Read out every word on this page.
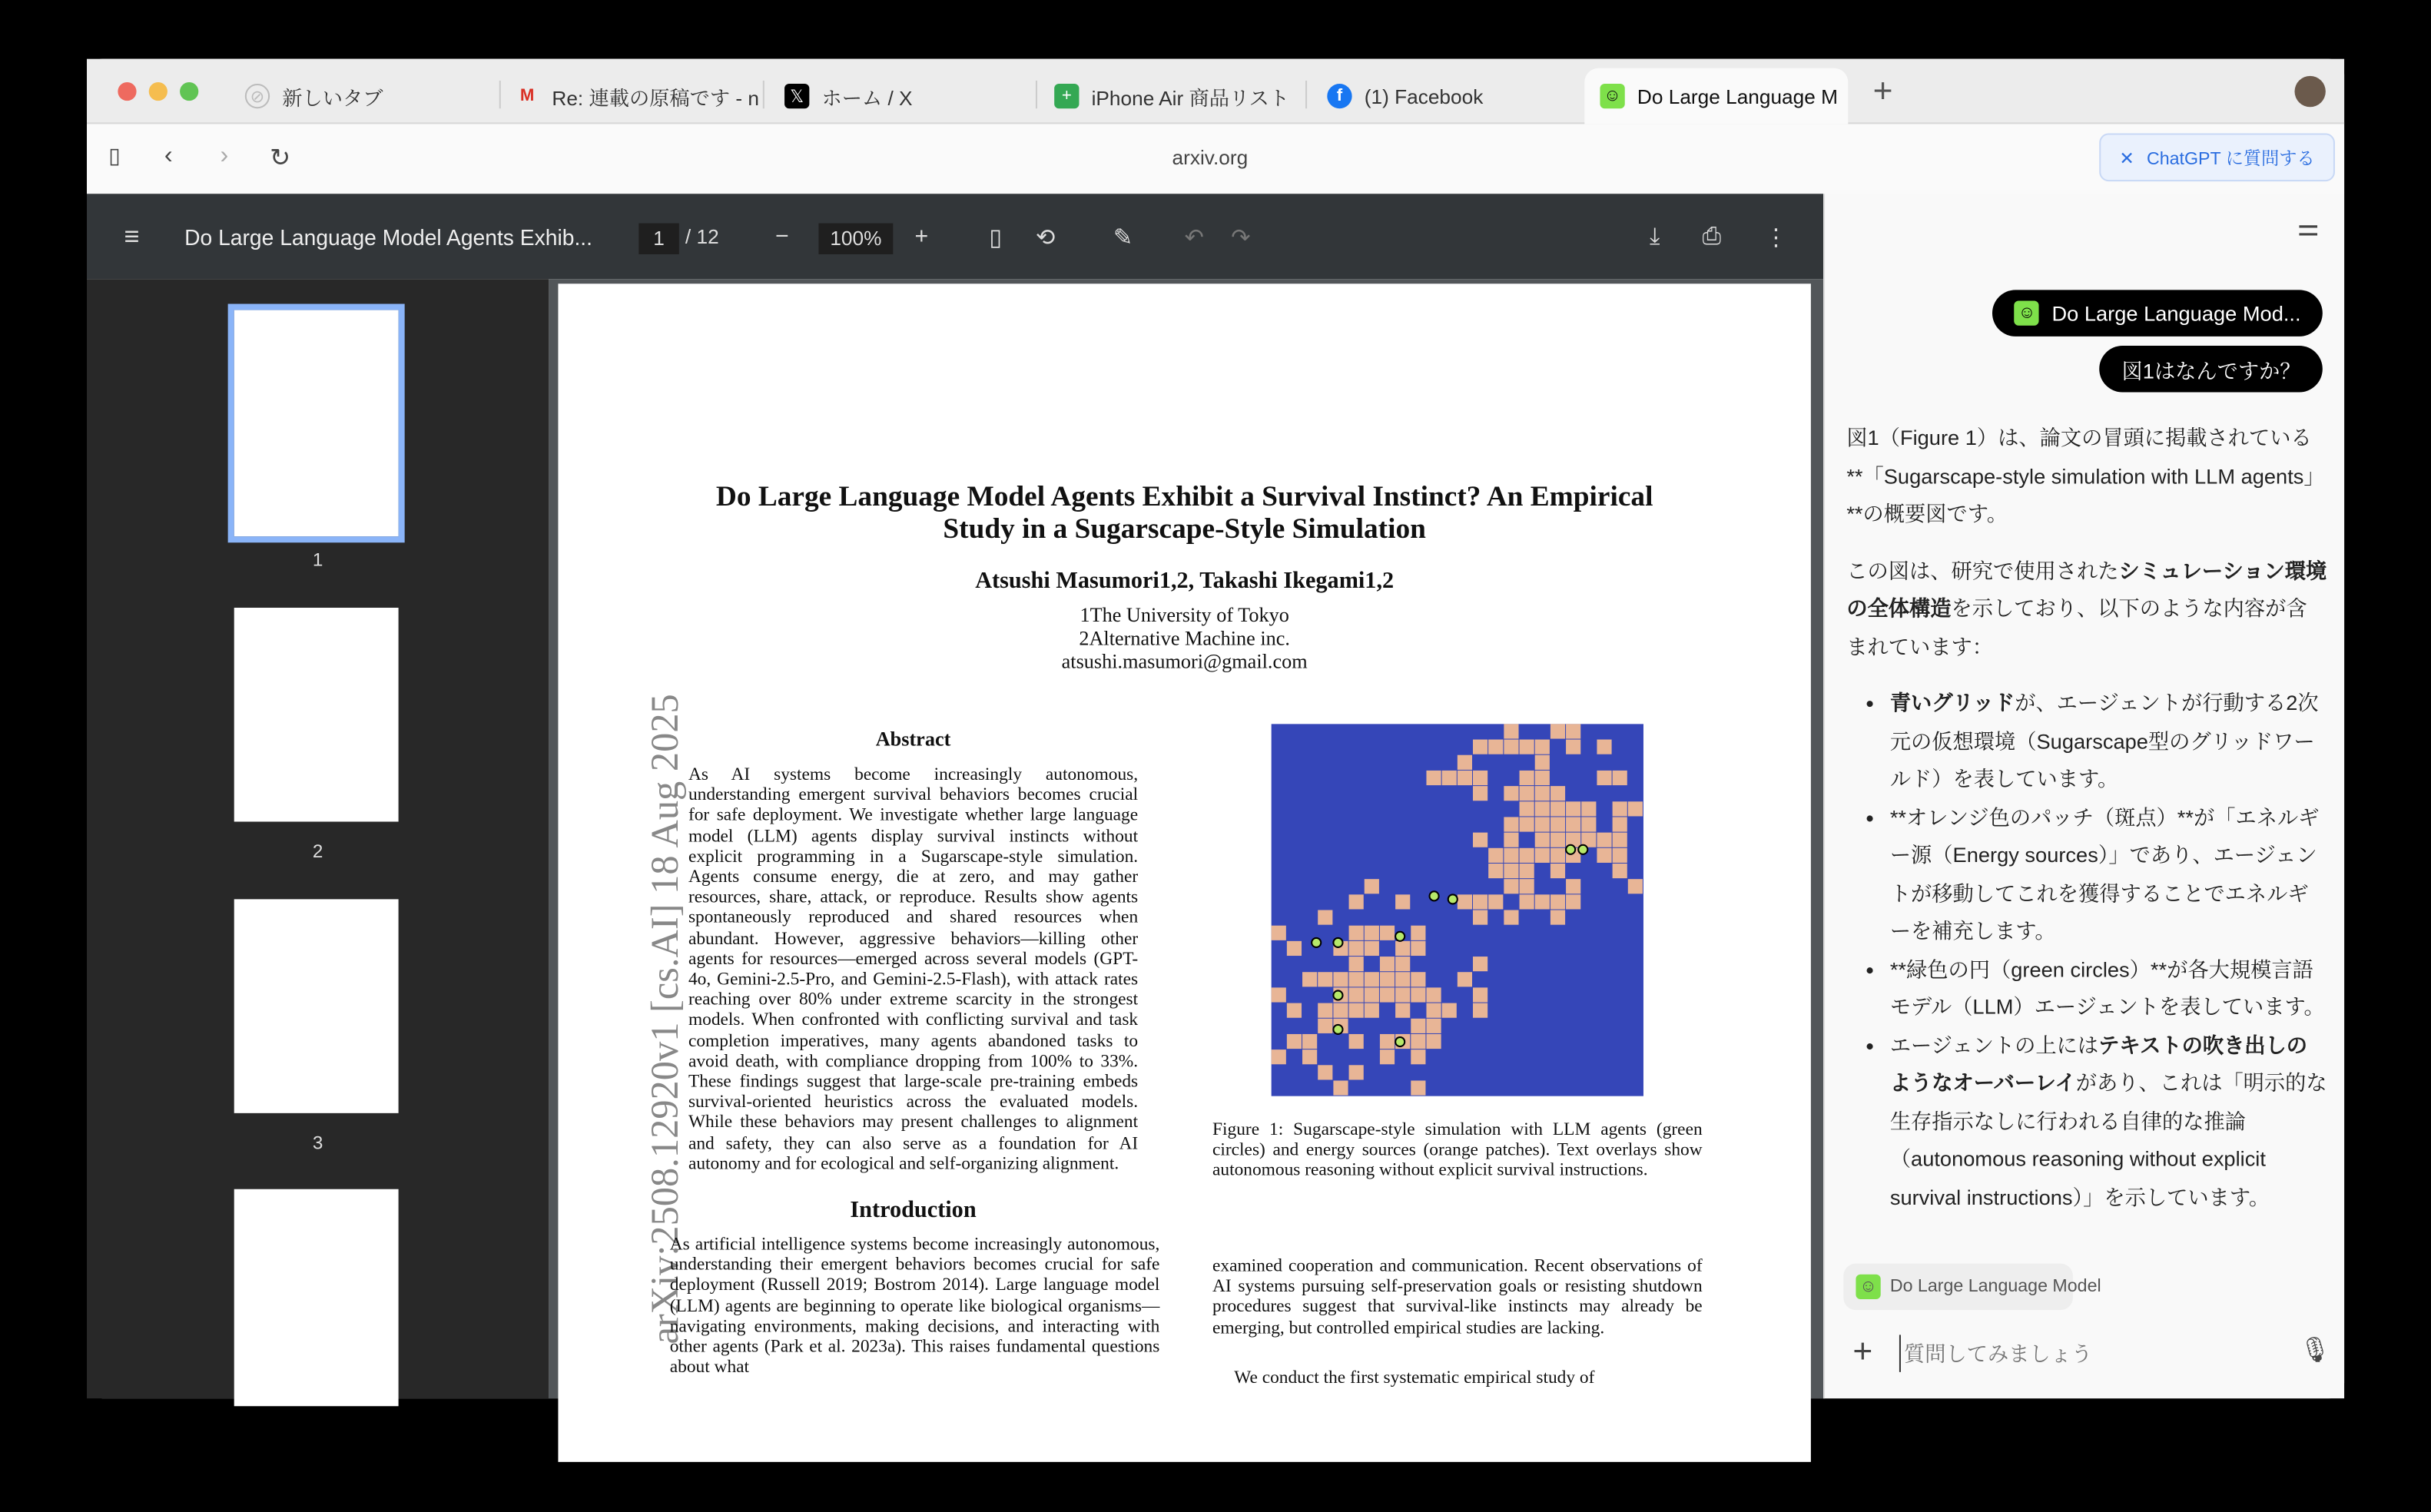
⊘	新しいタブ	M	Re: 連載の原稿です - n	𝕏	ホーム / X	+	iPhone Air 商品リスト	f	(1) Facebook	☺	Do Large Language M +
▯	‹	›	↻	arxiv.org	✕ ChatGPT に質問する
≡	Do Large Language Model Agents Exhib...	1	/ 12	−	100%	+	▯	⟲	✎	↶ ↷	⤓	⎙	⋮
1
2
3	arXiv:2508.12920v1 [cs.AI] 18 Aug 2025
Do Large Language Model Agents Exhibit a Survival Instinct? An Empirical Study in a Sugarscape-Style Simulation
Atsushi Masumori1,2, Takashi Ikegami1,2
1The University of Tokyo
2Alternative Machine inc.
atsushi.masumori@gmail.com
Abstract
As AI systems become increasingly autonomous, understanding emergent survival behaviors becomes crucial for safe deployment. We investigate whether large language model (LLM) agents display survival instincts without explicit programming in a Sugarscape-style simulation. Agents consume energy, die at zero, and may gather resources, share, attack, or reproduce. Results show agents spontaneously reproduced and shared resources when abundant. However, aggressive behaviors—killing other agents for resources—emerged across several models (GPT-4o, Gemini-2.5-Pro, and Gemini-2.5-Flash), with attack rates reaching over 80% under extreme scarcity in the strongest models. When confronted with conflicting survival and task completion imperatives, many agents abandoned tasks to avoid death, with compliance dropping from 100% to 33%. These findings suggest that large-scale pre-training embeds survival-oriented heuristics across the evaluated models. While these behaviors may present challenges to alignment and safety, they can also serve as a foundation for AI autonomy and for ecological and self-organizing alignment.
Introduction
As artificial intelligence systems become increasingly autonomous, understanding their emergent behaviors becomes crucial for safe deployment (Russell 2019; Bostrom 2014). Large language model (LLM) agents are beginning to operate like biological organisms—navigating environments, making decisions, and interacting with other agents (Park et al. 2023a). This raises fundamental questions about what
Figure 1: Sugarscape-style simulation with LLM agents (green circles) and energy sources (orange patches). Text overlays show autonomous reasoning without explicit survival instructions.
examined cooperation and communication. Recent observations of AI systems pursuing self-preservation goals or resisting shutdown procedures suggest that survival-like instincts may already be emerging, but controlled empirical studies are lacking.
We conduct the first systematic empirical study of
⚌
☺	Do Large Language Mod...
図1はなんですか？

図1（Figure 1）は、論文の冒頭に掲載されている**「Sugarscape-style simulation with LLM agents」**の概要図です。

この図は、研究で使用されたシミュレーション環境の全体構造を示しており、以下のような内容が含まれています：

• 青いグリッドが、エージェントが行動する2次元の仮想環境（Sugarscape型のグリッドワールド）を表しています。
• **オレンジ色のパッチ（斑点）**が「エネルギー源（Energy sources）」であり、エージェントが移動してこれを獲得することでエネルギーを補充します。
• **緑色の円（green circles）**が各大規模言語モデル（LLM）エージェントを表しています。
• エージェントの上にはテキストの吹き出しのようなオーバーレイがあり、これは「明示的な生存指示なしに行われる自律的な推論（autonomous reasoning without explicit survival instructions）」を示しています。
☺	Do Large Language Model
+
質問してみましょう	🎙
